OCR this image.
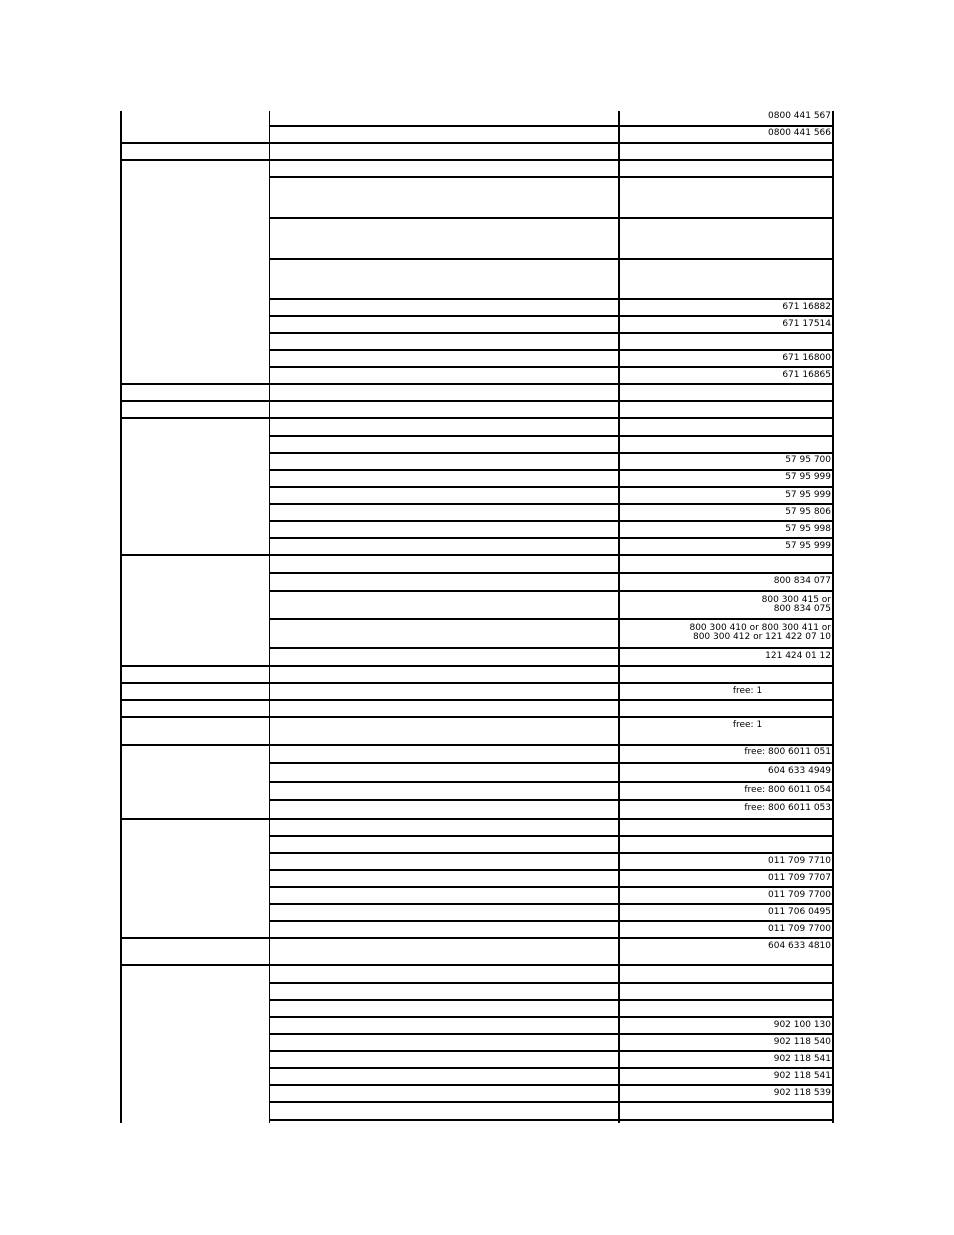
0800 441 567
0800 441 566
671 16882
671 17514
671 16800
671 16865
57 95 700
57 95 999
57 95 999
57 95 806
57 95 998
57 95 999
800 834 077
800 300 415 or
800 834 075
800 300 410 or 800 300 411 or
800 300 412 or 121 422 07 10
121 424 01 12
free: 1
free: 1
free: 800 6011 051
604 633 4949
free: 800 6011 054
free: 800 6011 053
011 709 7710
011 709 7707
011 709 7700
011 706 0495
011 709 7700
604 633 4810
902 100 130
902 118 540
902 118 541
902 118 541
902 118 539
